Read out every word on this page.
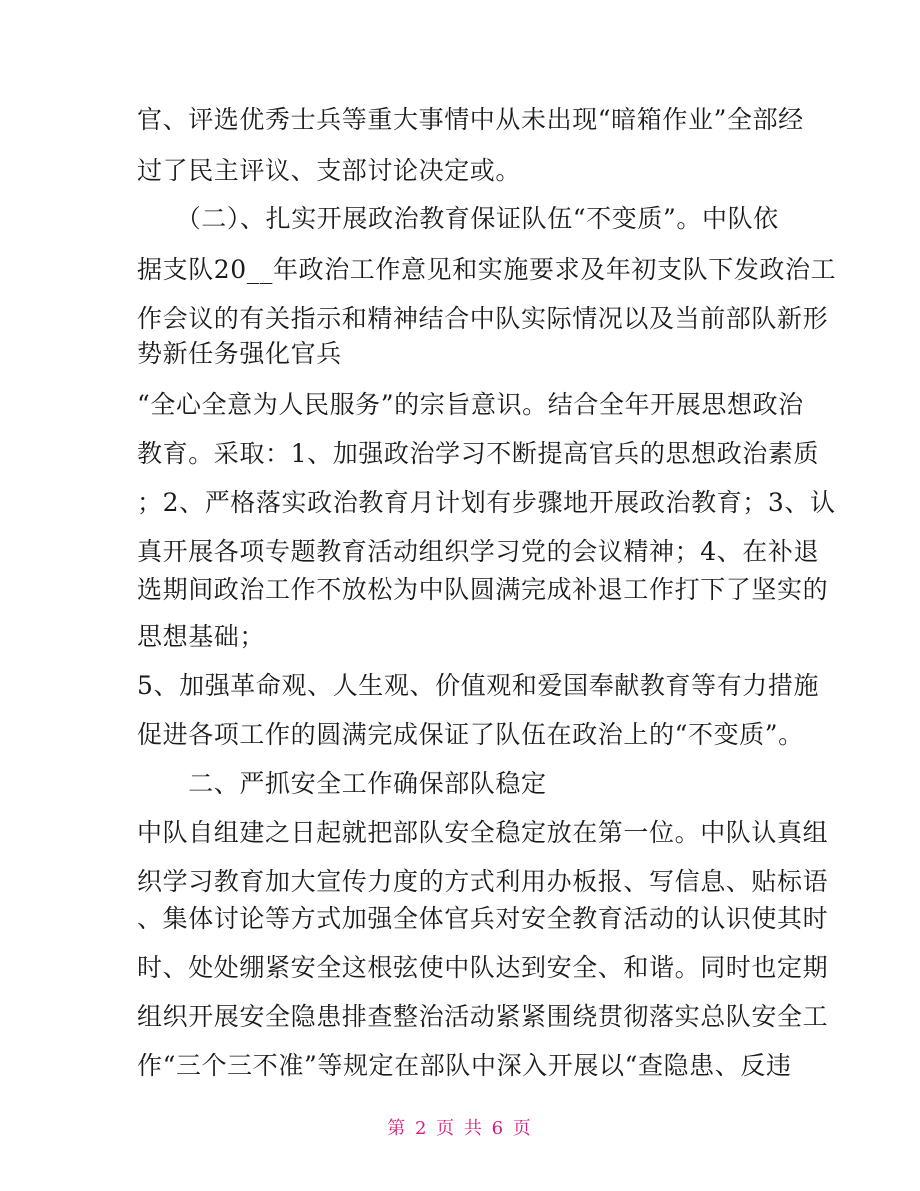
官、评选优秀士兵等重大事情中从未出现“暗箱作业”全部经
过了民主评议、支部讨论决定或。
　　（二）、扎实开展政治教育保证队伍“不变质”。中队依
据支队20__年政治工作意见和实施要求及年初支队下发政治工
作会议的有关指示和精神结合中队实际情况以及当前部队新形
势新任务强化官兵
“全心全意为人民服务”的宗旨意识。结合全年开展思想政治
教育。采取：1、加强政治学习不断提高官兵的思想政治素质
；2、严格落实政治教育月计划有步骤地开展政治教育；3、认
真开展各项专题教育活动组织学习党的会议精神；4、在补退
选期间政治工作不放松为中队圆满完成补退工作打下了坚实的
思想基础；
5、加强革命观、人生观、价值观和爱国奉献教育等有力措施
促进各项工作的圆满完成保证了队伍在政治上的“不变质”。
　　二、严抓安全工作确保部队稳定
中队自组建之日起就把部队安全稳定放在第一位。中队认真组
织学习教育加大宣传力度的方式利用办板报、写信息、贴标语
、集体讨论等方式加强全体官兵对安全教育活动的认识使其时
时、处处绷紧安全这根弦使中队达到安全、和谐。同时也定期
组织开展安全隐患排查整治活动紧紧围绕贯彻落实总队安全工
作“三个三不准”等规定在部队中深入开展以“查隐患、反违
第 2 页 共 6 页
